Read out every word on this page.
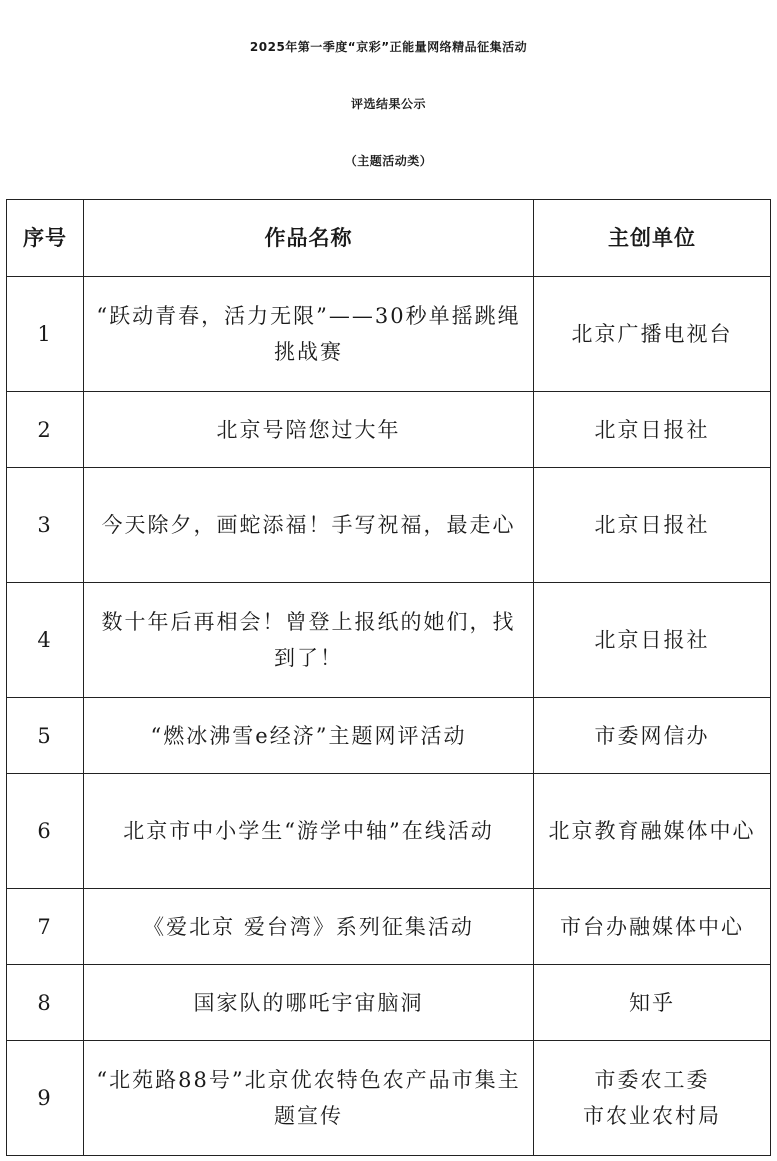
2025年第一季度“京彩”正能量网络精品征集活动
评选结果公示
（主题活动类）
序号	作品名称	主创单位
1	“跃动青春，活力无限”——30秒单摇跳绳挑战赛	北京广播电视台
2	北京号陪您过大年	北京日报社
3	今天除夕，画蛇添福！手写祝福，最走心	北京日报社
4	数十年后再相会！曾登上报纸的她们，找到了！	北京日报社
5	“燃冰沸雪e经济”主题网评活动	市委网信办
6	北京市中小学生“游学中轴”在线活动	北京教育融媒体中心
7	《爱北京 爱台湾》系列征集活动	市台办融媒体中心
8	国家队的哪吒宇宙脑洞	知乎
9	“北苑路88号”北京优农特色农产品市集主题宣传	市委农工委
市农业农村局
